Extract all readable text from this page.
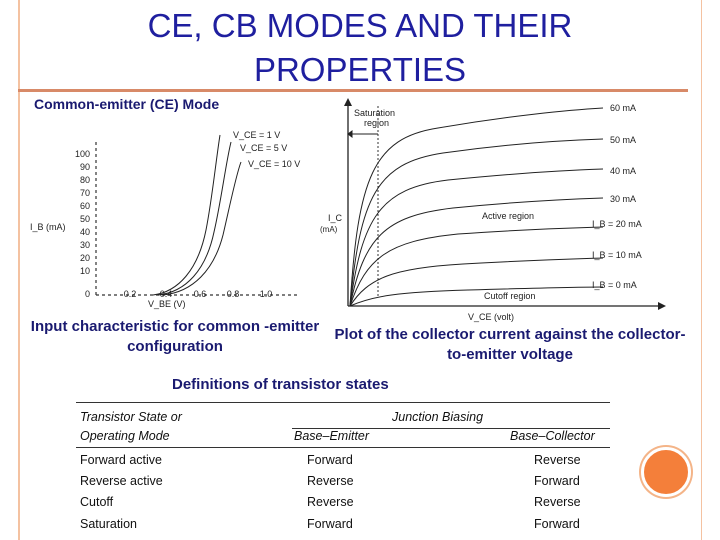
CE, CB MODES AND THEIR
PROPERTIES
Common-emitter (CE) Mode
100
90
80
70
60
50
40
30
20
10
0
I_B (mA)
0.2	0.4 0.6 0.8 1.0
V_BE (V)
V_CE = 1 V
V_CE = 5 V
V_CE = 10 V
I_C
(mA)
V_CE (volt)
Saturation
region
Active region
Cutoff region
60 mA
50 mA
40 mA
30 mA
I_B = 20 mA
I_B = 10 mA
I_B = 0 mA
Input characteristic for common -emitter configuration
Plot of the collector current against the collector-to-emitter voltage
Definitions of transistor states
Transistor State or
Operating Mode
Junction Biasing
Base–Emitter	Base–Collector
Forward active	Forward	Reverse
Reverse active	Reverse	Forward
Cutoff	Reverse	Reverse
Saturation	Forward	Forward
